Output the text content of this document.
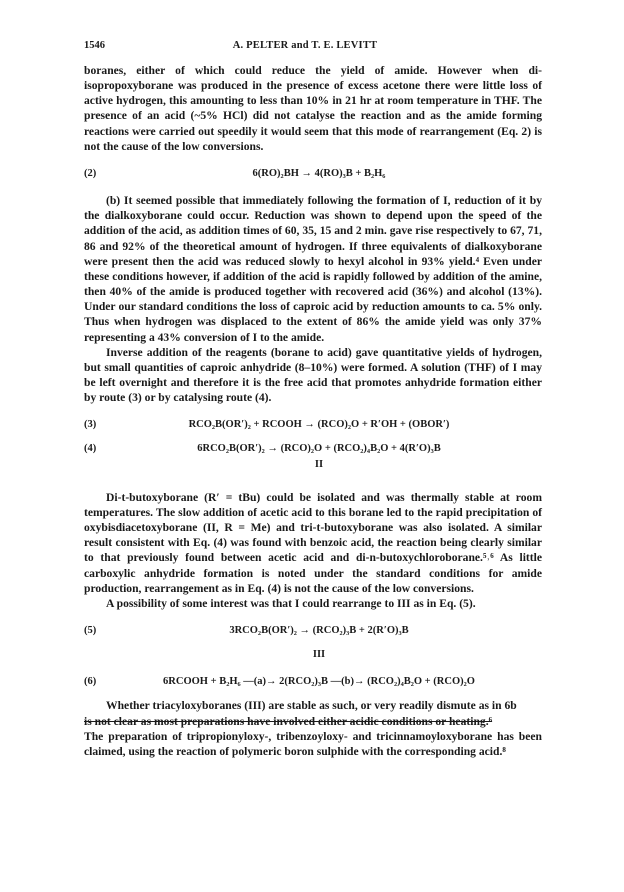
1546	A. PELTER and T. E. LEVITT

boranes, either of which could reduce the yield of amide. However when di-isopropoxyborane was produced in the presence of excess acetone there were little loss of active hydrogen, this amounting to less than 10% in 21 hr at room temperature in THF. The presence of an acid (~5% HCl) did not catalyse the reaction and as the amide forming reactions were carried out speedily it would seem that this mode of rearrangement (Eq. 2) is not the cause of the low conversions.

(2)	6(RO)₂BH → 4(RO)₃B + B₂H₆

(b) It seemed possible that immediately following the formation of I, reduction of it by the dialkoxyborane could occur. Reduction was shown to depend upon the speed of the addition of the acid, as addition times of 60, 35, 15 and 2 min. gave rise respectively to 67, 71, 86 and 92% of the theoretical amount of hydrogen. If three equivalents of dialkoxyborane were present then the acid was reduced slowly to hexyl alcohol in 93% yield.⁴ Even under these conditions however, if addition of the acid is rapidly followed by addition of the amine, then 40% of the amide is produced together with recovered acid (36%) and alcohol (13%). Under our standard conditions the loss of caproic acid by reduction amounts to ca. 5% only. Thus when hydrogen was displaced to the extent of 86% the amide yield was only 37% representing a 43% conversion of I to the amide.

Inverse addition of the reagents (borane to acid) gave quantitative yields of hydrogen, but small quantities of caproic anhydride (8–10%) were formed. A solution (THF) of I may be left overnight and therefore it is the free acid that promotes anhydride formation either by route (3) or by catalysing route (4).

(3)	RCO₂B(OR′)₂ + RCOOH → (RCO)₂O + R′OH + (OBOR′)
(4)	6RCO₂B(OR′)₂ → (RCO)₂O + (RCO₂)₄B₂O + 4(R′O)₃B
II

Di-t-butoxyborane (R′ = tBu) could be isolated and was thermally stable at room temperatures. The slow addition of acetic acid to this borane led to the rapid precipitation of oxybisdiacetoxyborane (II, R = Me) and tri-t-butoxyborane was also isolated. A similar result consistent with Eq. (4) was found with benzoic acid, the reaction being clearly similar to that previously found between acetic acid and di-n-butoxychloroborane.⁵˒⁶ As little carboxylic anhydride formation is noted under the standard conditions for amide production, rearrangement as in Eq. (4) is not the cause of the low conversions.

A possibility of some interest was that I could rearrange to III as in Eq. (5).

(5)	3RCO₂B(OR′)₂ → (RCO₂)₃B + 2(R′O)₃B
III
(6)	6RCOOH + B₂H₆ —(a)→ 2(RCO₂)₃B —(b)→ (RCO₂)₄B₂O + (RCO)₂O

Whether triacyloxyboranes (III) are stable as such, or very readily dismute as in 6b

is not clear as most preparations have involved either acidic conditions or heating.⁶

The preparation of tripropionyloxy-, tribenzoyloxy- and tricinnamoyloxyborane has been claimed, using the reaction of polymeric boron sulphide with the corresponding acid.⁸
